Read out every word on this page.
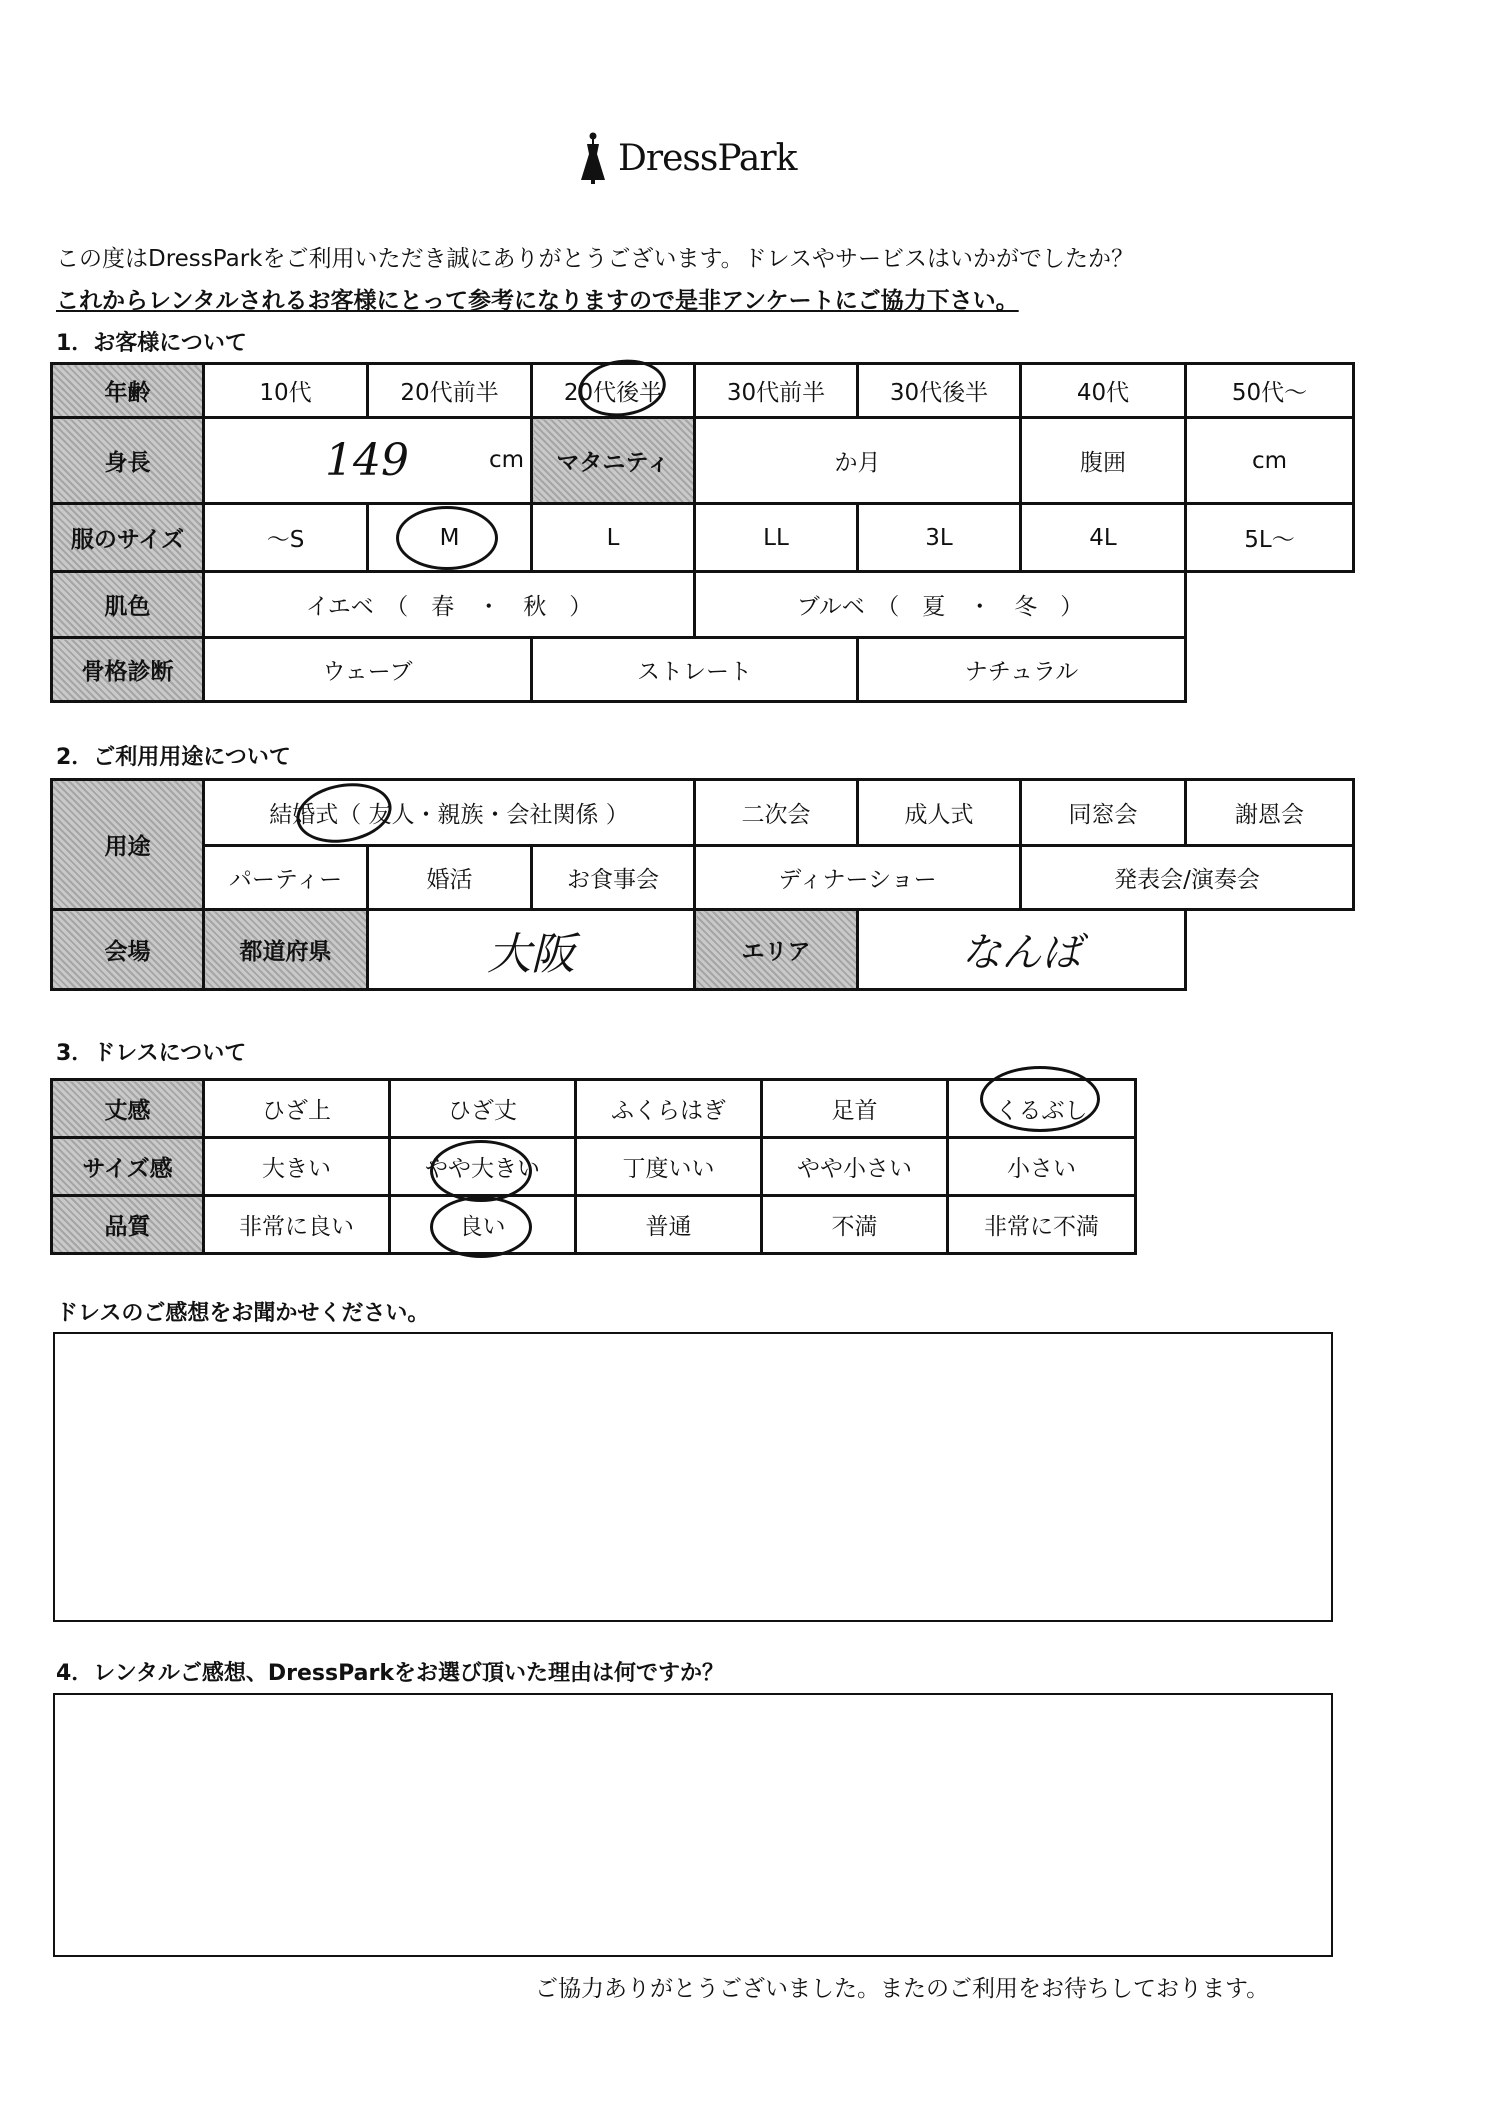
DressPark
この度はDressParkをご利用いただき誠にありがとうございます。ドレスやサービスはいかがでしたか？
これからレンタルされるお客様にとって参考になりますので是非アンケートにご協力下さい。
1．お客様について
年齢	10代	20代前半	20代後半	30代前半	30代後半	40代	50代～
身長	149 cm		マタニティ	か月		腹囲	cm
服のサイズ	～S	M	L	LL	3L	4L	5L～
肌色	イエベ　（　春　・　秋　）			ブルベ　（　夏　・　冬　）			
骨格診断	ウェーブ		ストレート		ナチュラル		
2．ご利用用途について
用途	結婚式（ 友人・親族・会社関係 ）			二次会	成人式	同窓会	謝恩会
	パーティー	婚活	お食事会	ディナーショー		発表会/演奏会	
会場	都道府県	大阪		エリア	なんば		
3．ドレスについて
丈感	ひざ上	ひざ丈	ふくらはぎ	足首	くるぶし
サイズ感	大きい	やや大きい	丁度いい	やや小さい	小さい
品質	非常に良い	良い	普通	不満	非常に不満
ドレスのご感想をお聞かせください。
4．レンタルご感想、DressParkをお選び頂いた理由は何ですか？
ご協力ありがとうございました。またのご利用をお待ちしております。
